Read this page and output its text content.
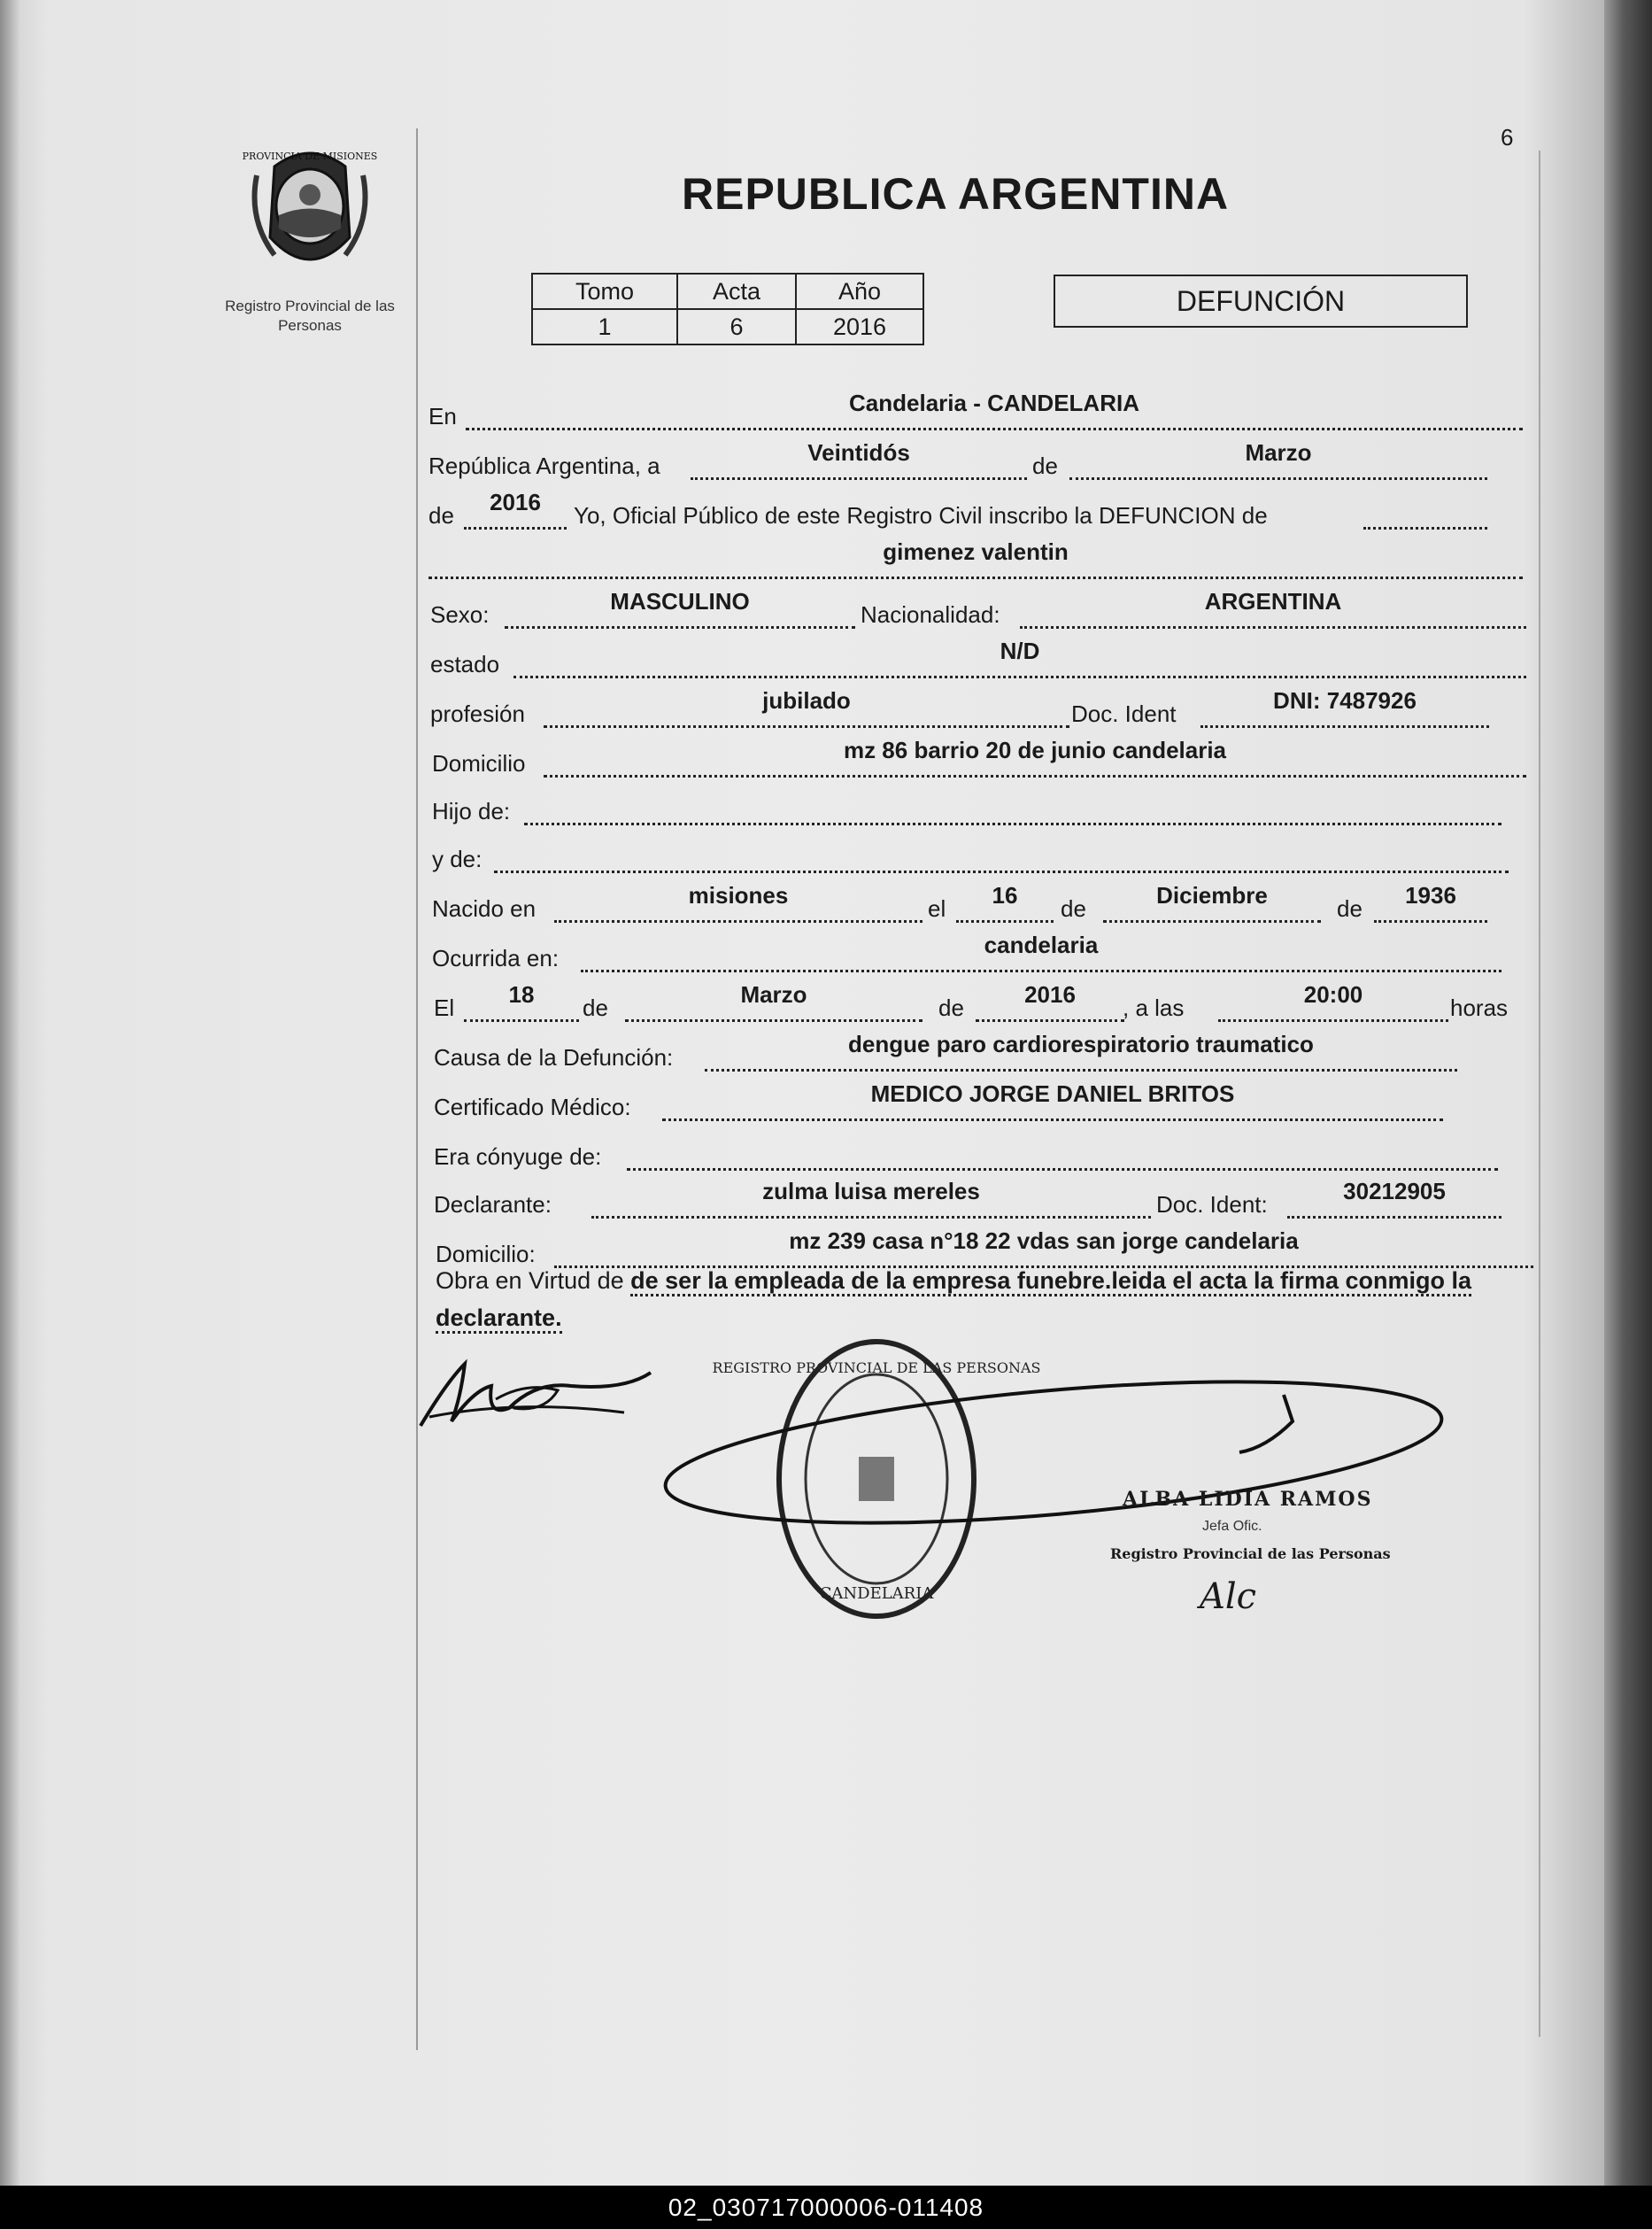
6
PROVINCIA DE MISIONES
Registro Provincial de las Personas
REPUBLICA ARGENTINA
Tomo	Acta	Año
1	6	2016
DEFUNCIÓN
En	Candelaria - CANDELARIA
República Argentina, a	Veintidós	de	Marzo
de	2016	Yo, Oficial Público de este Registro Civil inscribo la DEFUNCION de
gimenez valentin
Sexo:	MASCULINO	Nacionalidad:	ARGENTINA
estado	N/D
profesión	jubilado	Doc. Ident	DNI: 7487926
Domicilio	mz 86 barrio 20 de junio candelaria
Hijo de:
y de:
Nacido en	misiones	el	16	de	Diciembre	de	1936
Ocurrida en:	candelaria
El	18	de	Marzo	de	2016	, a las	20:00	horas
Causa de la Defunción:	dengue paro cardiorespiratorio traumatico
Certificado Médico:	MEDICO JORGE DANIEL BRITOS
Era cónyuge de:
Declarante:	zulma luisa mereles	Doc. Ident:	30212905
Domicilio:	mz 239 casa n°18 22 vdas san jorge candelaria
Obra en Virtud de de ser la empleada de la empresa funebre.leida el acta la firma conmigo la declarante.
REGISTRO PROVINCIAL DE LAS PERSONAS
CANDELARIA
ALBA LIDIA RAMOS
Jefa Ofic.
Registro Provincial de las Personas
Alc
02_030717000006-011408
